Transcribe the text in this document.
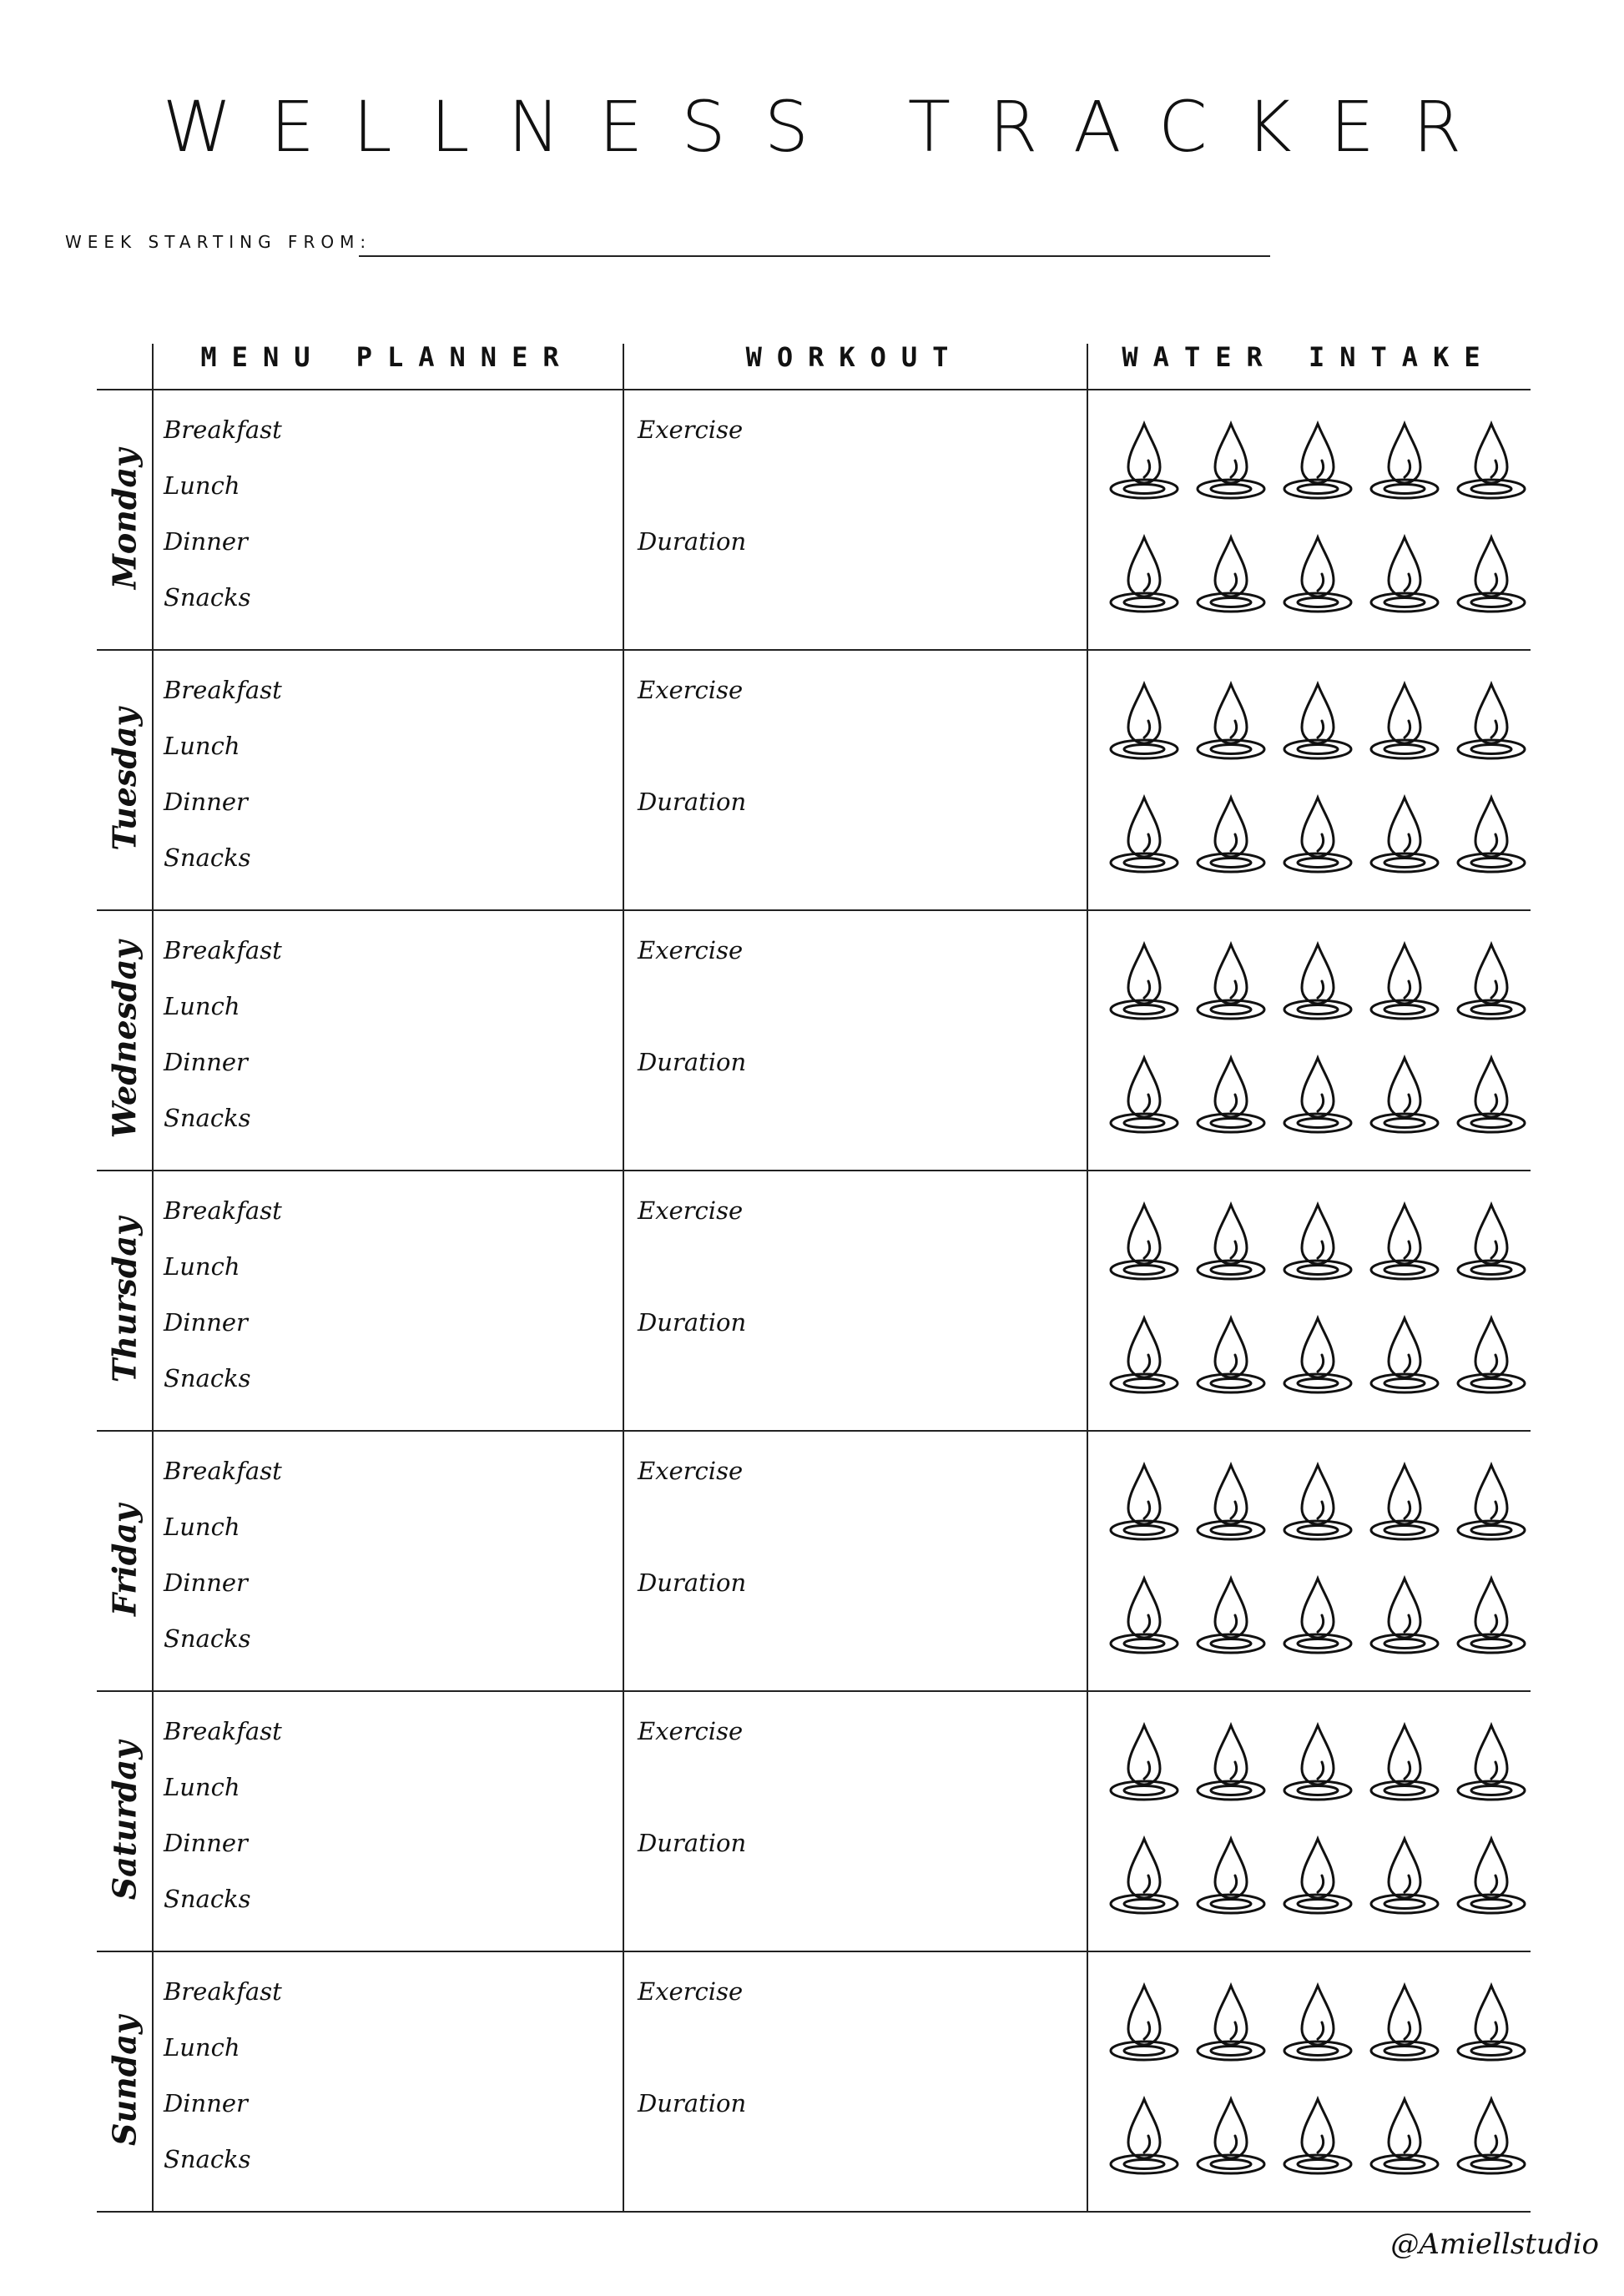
WELLNESS TRACKER
WEEK STARTING FROM:
MENU PLANNER	WORKOUT	WATER INTAKE
Monday
Breakfast
Lunch
Dinner
Snacks
Exercise
Duration
Tuesday
Breakfast
Lunch
Dinner
Snacks
Exercise
Duration
Wednesday Breakfast
Lunch
Dinner
Snacks
Exercise
Duration
Thursday
Breakfast
Lunch
Dinner
Snacks
Exercise
Duration
Friday
Breakfast
Lunch
Dinner
Snacks
Exercise
Duration
Saturday
Breakfast
Lunch
Dinner
Snacks
Exercise
Duration
Sunday
Breakfast
Lunch
Dinner
Snacks
Exercise
Duration
@Amiellstudio
